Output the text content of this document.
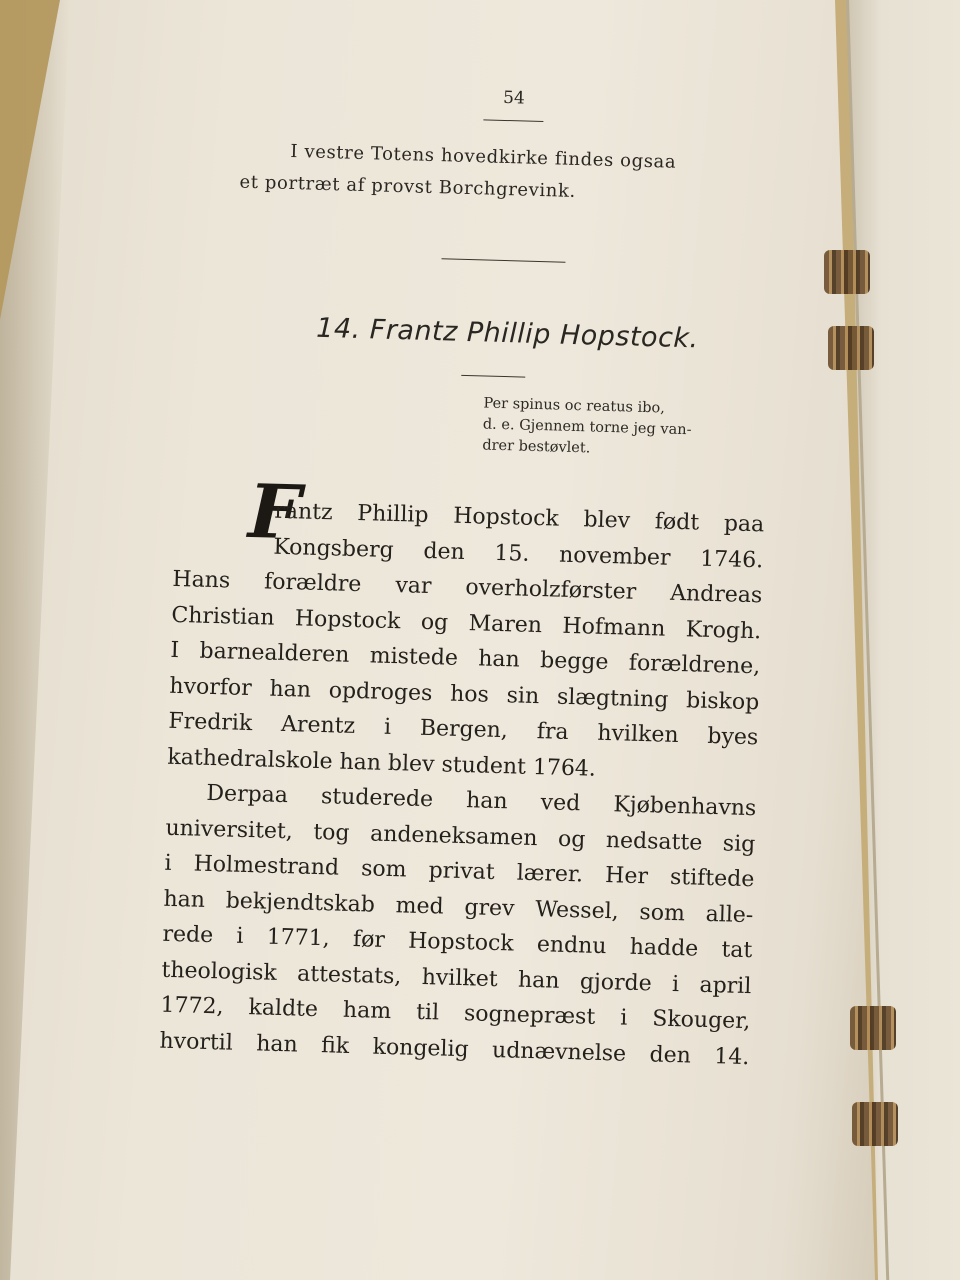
54
I vestre Totens hovedkirke findes ogsaa
et portræt af provst Borchgrevink.
14. Frantz Phillip Hopstock.
Per spinus oc reatus ibo,
d. e. Gjennem torne jeg van-
drer bestøvlet.
F
rantz Phillip Hopstock blev født paa
Kongsberg den 15. november 1746.
Hans forældre var overholzførster Andreas
Christian Hopstock og Maren Hofmann Krogh.
I barnealderen mistede han begge forældrene,
hvorfor han opdroges hos sin slægtning biskop
Fredrik Arentz i Bergen, fra hvilken byes
kathedralskole han blev student 1764.
Derpaa studerede han ved Kjøbenhavns
universitet, tog andeneksamen og nedsatte sig
i Holmestrand som privat lærer. Her stiftede
han bekjendtskab med grev Wessel, som alle-
rede i 1771, før Hopstock endnu hadde tat
theologisk attestats, hvilket han gjorde i april
1772, kaldte ham til sognepræst i Skouger,
hvortil han fik kongelig udnævnelse den 14.
